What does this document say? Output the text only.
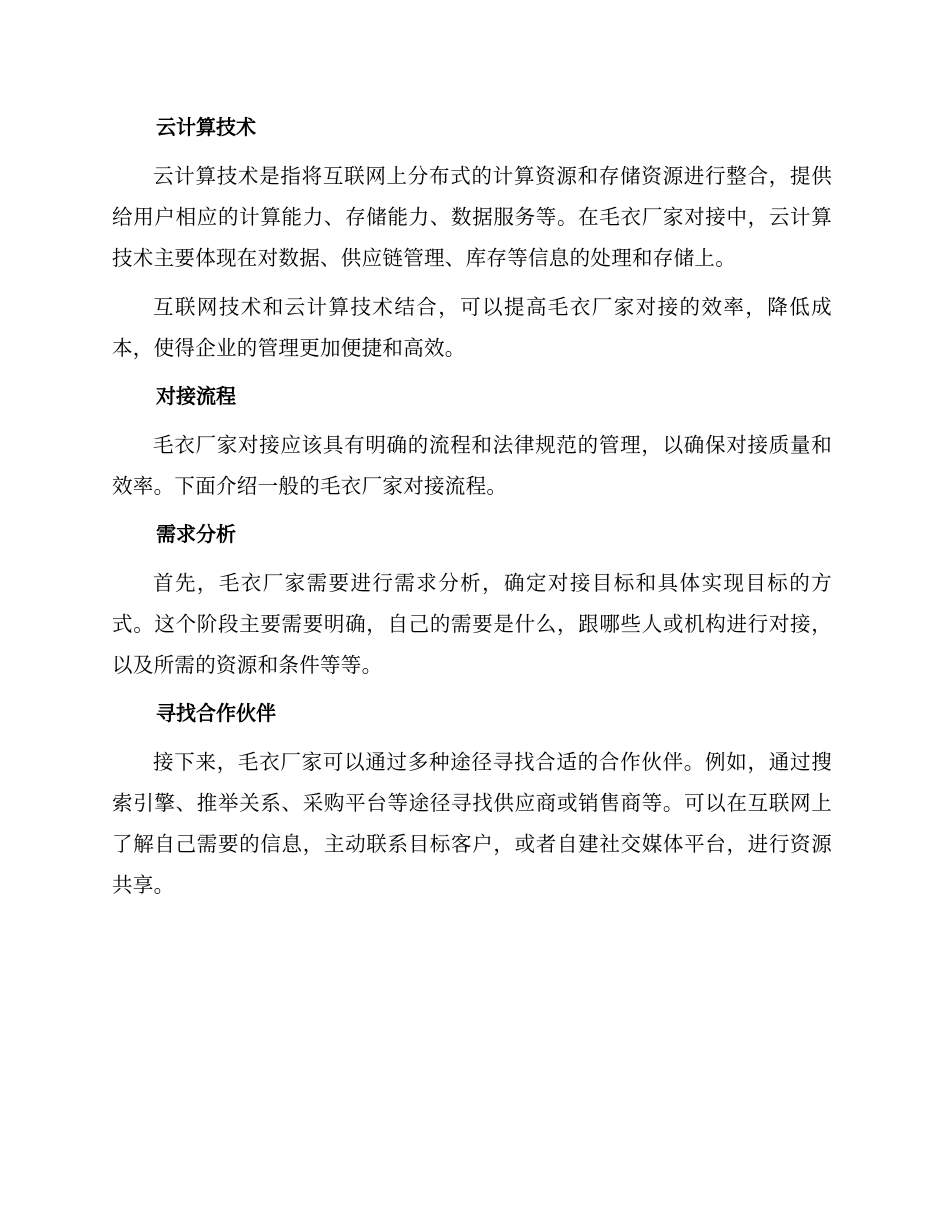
云计算技术

云计算技术是指将互联网上分布式的计算资源和存储资源进行整合，提供给用户相应的计算能力、存储能力、数据服务等。在毛衣厂家对接中，云计算技术主要体现在对数据、供应链管理、库存等信息的处理和存储上。

互联网技术和云计算技术结合，可以提高毛衣厂家对接的效率，降低成本，使得企业的管理更加便捷和高效。

对接流程

毛衣厂家对接应该具有明确的流程和法律规范的管理，以确保对接质量和效率。下面介绍一般的毛衣厂家对接流程。

需求分析

首先，毛衣厂家需要进行需求分析，确定对接目标和具体实现目标的方式。这个阶段主要需要明确，自己的需要是什么，跟哪些人或机构进行对接，以及所需的资源和条件等等。

寻找合作伙伴

接下来，毛衣厂家可以通过多种途径寻找合适的合作伙伴。例如，通过搜索引擎、推举关系、采购平台等途径寻找供应商或销售商等。可以在互联网上了解自己需要的信息，主动联系目标客户，或者自建社交媒体平台，进行资源共享。
